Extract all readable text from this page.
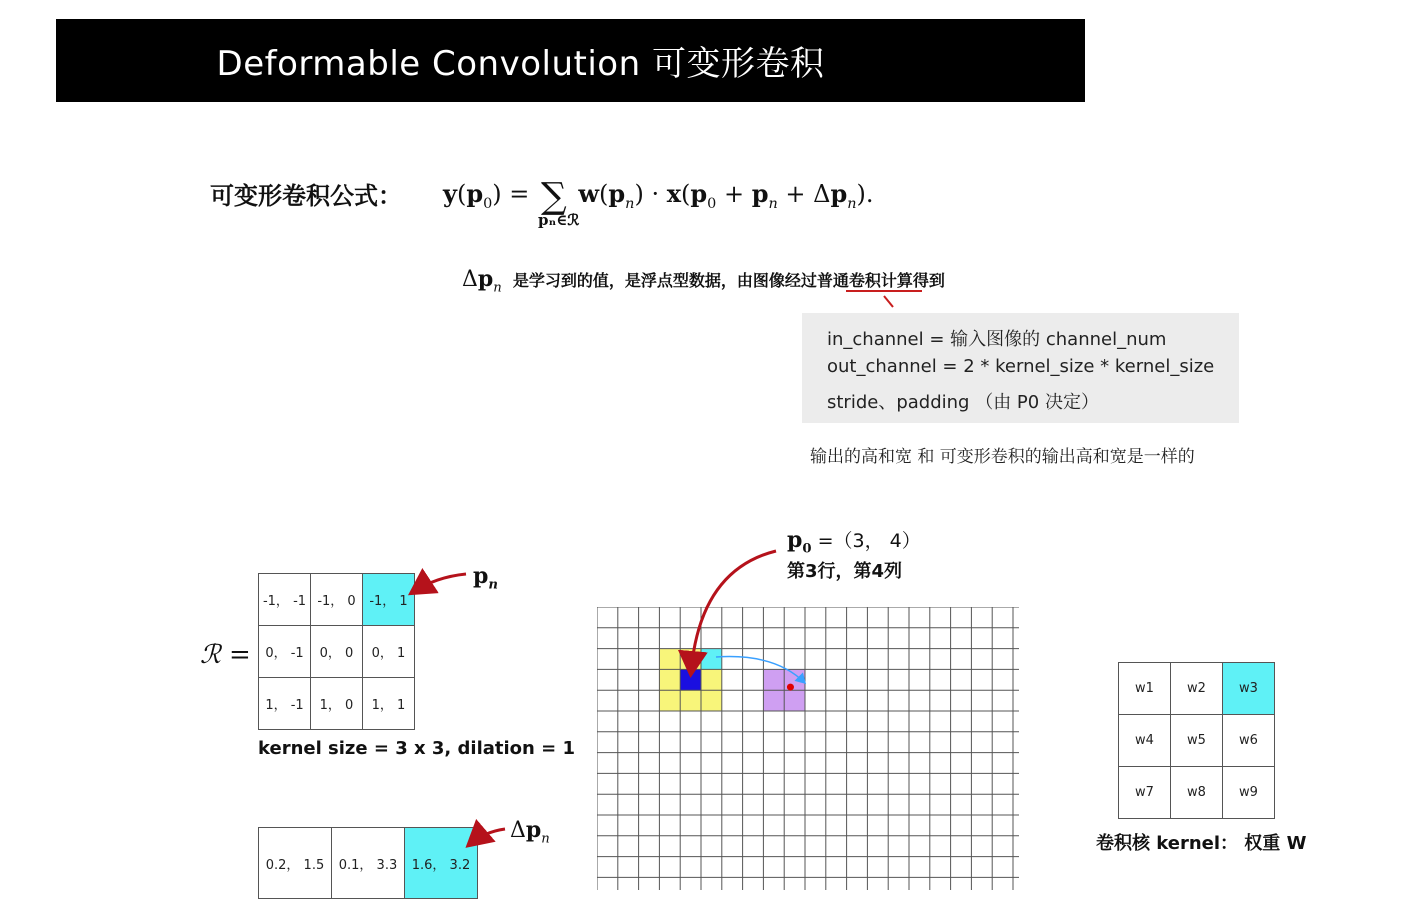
Deformable Convolution 可变形卷积
可变形卷积公式： $y(p_0)$ = ∑ $w(p_n) \cdot x(p_0 + p_n + \Delta p_n)$.
pₙ∈ℛ
$\Delta p_n$ 是学习到的值，是浮点型数据，由图像经过普通卷积计算得到
in_channel = 输入图像的 channel_num
out_channel = 2 * kernel_size * kernel_size
stride、padding （由 P0 决定）
输出的高和宽 和 可变形卷积的输出高和宽是一样的
ℛ =
-1， -1	-1， 0	-1， 1
0， -1	0， 0	0， 1
1， -1	1， 0	1， 1
$p_n$
kernel size = 3 x 3, dilation = 1
0.2， 1.5	0.1， 3.3	1.6， 3.2
$\Delta p_n$
$p_0 =(3$， 4）
第3行，第4列
w1	w2	w3
w4	w5	w6
w7	w8	w9
卷积核 kernel： 权重 W
